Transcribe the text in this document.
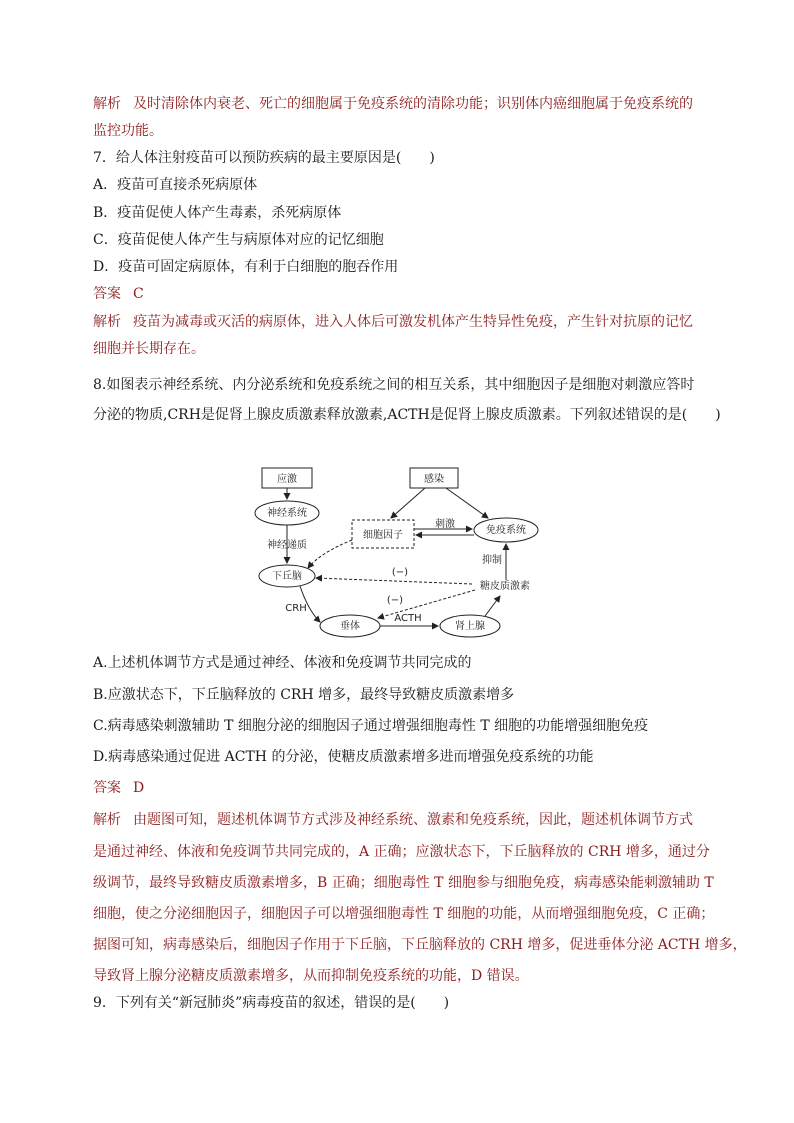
解析 及时清除体内衰老、死亡的细胞属于免疫系统的清除功能；识别体内癌细胞属于免疫系统的
监控功能。
7．给人体注射疫苗可以预防疾病的最主要原因是(　　)
A．疫苗可直接杀死病原体
B．疫苗促使人体产生毒素，杀死病原体
C．疫苗促使人体产生与病原体对应的记忆细胞
D．疫苗可固定病原体，有利于白细胞的胞吞作用
答案 C
解析 疫苗为减毒或灭活的病原体，进入人体后可激发机体产生特异性免疫，产生针对抗原的记忆
细胞并长期存在。
8.如图表示神经系统、内分泌系统和免疫系统之间的相互关系，其中细胞因子是细胞对刺激应答时
分泌的物质,CRH是促肾上腺皮质激素释放激素,ACTH是促肾上腺皮质激素。下列叙述错误的是(　　)
应激	感染
神经系统
细胞因子	免疫系统
下丘脑
垂体	肾上腺
神经递质
刺激
抑制
糖皮质激素
(−)
(−)
CRH
ACTH
A.上述机体调节方式是通过神经、体液和免疫调节共同完成的
B.应激状态下，下丘脑释放的 CRH 增多，最终导致糖皮质激素增多
C.病毒感染刺激辅助 T 细胞分泌的细胞因子通过增强细胞毒性 T 细胞的功能增强细胞免疫
D.病毒感染通过促进 ACTH 的分泌，使糖皮质激素增多进而增强免疫系统的功能
答案 D
解析 由题图可知，题述机体调节方式涉及神经系统、激素和免疫系统，因此，题述机体调节方式
是通过神经、体液和免疫调节共同完成的，A 正确；应激状态下，下丘脑释放的 CRH 增多，通过分
级调节，最终导致糖皮质激素增多，B 正确；细胞毒性 T 细胞参与细胞免疫，病毒感染能刺激辅助 T
细胞，使之分泌细胞因子，细胞因子可以增强细胞毒性 T 细胞的功能，从而增强细胞免疫，C 正确；
据图可知，病毒感染后，细胞因子作用于下丘脑，下丘脑释放的 CRH 增多，促进垂体分泌 ACTH 增多，
导致肾上腺分泌糖皮质激素增多，从而抑制免疫系统的功能，D 错误。
9．下列有关“新冠肺炎”病毒疫苗的叙述，错误的是(　　)
